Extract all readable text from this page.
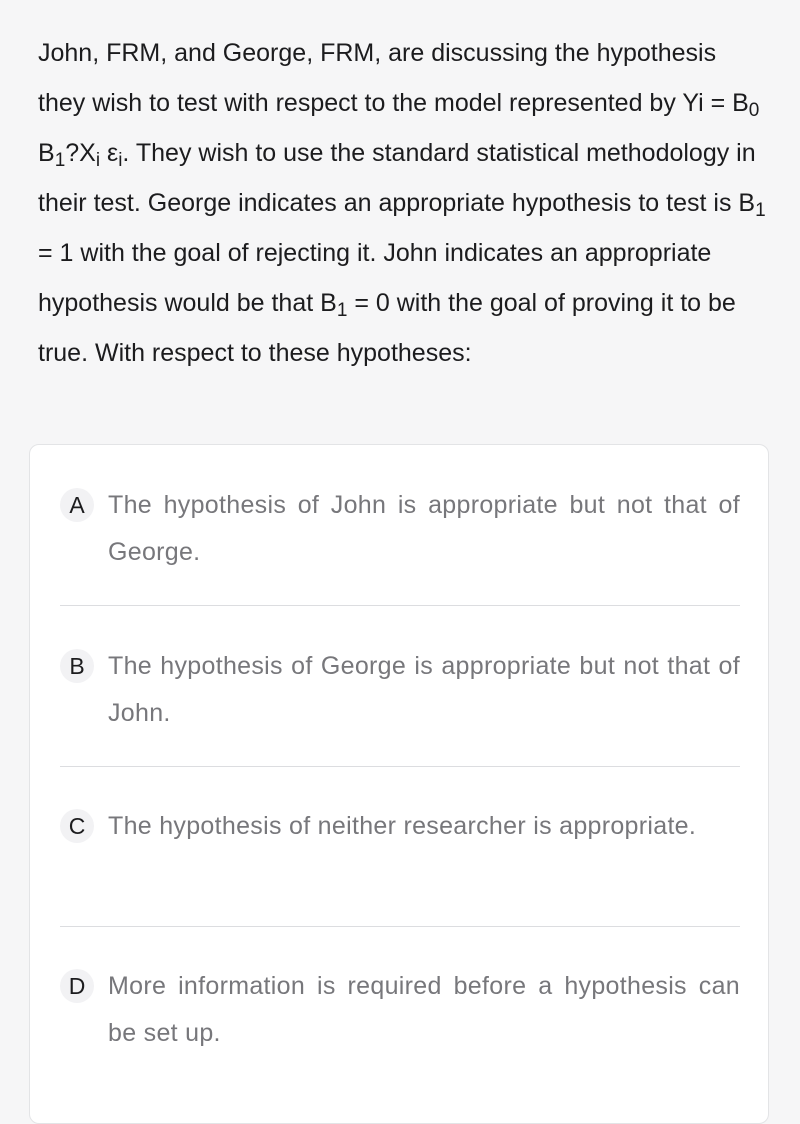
John, FRM, and George, FRM, are discussing the hypothesis they wish to test with respect to the model represented by $Yi = B_0$ $B_1?X_i$ $\varepsilon_i$. They wish to use the standard statistical methodology in their test. George indicates an appropriate hypothesis to test is $B_1 = 1$ with the goal of rejecting it. John indicates an appropriate hypothesis would be that $B_1 = 0$ with the goal of proving it to be true. With respect to these hypotheses:

A The hypothesis of John is appropriate but not that of George.
B The hypothesis of George is appropriate but not that of John.
C The hypothesis of neither researcher is appropriate.
D More information is required before a hypothesis can be set up.
